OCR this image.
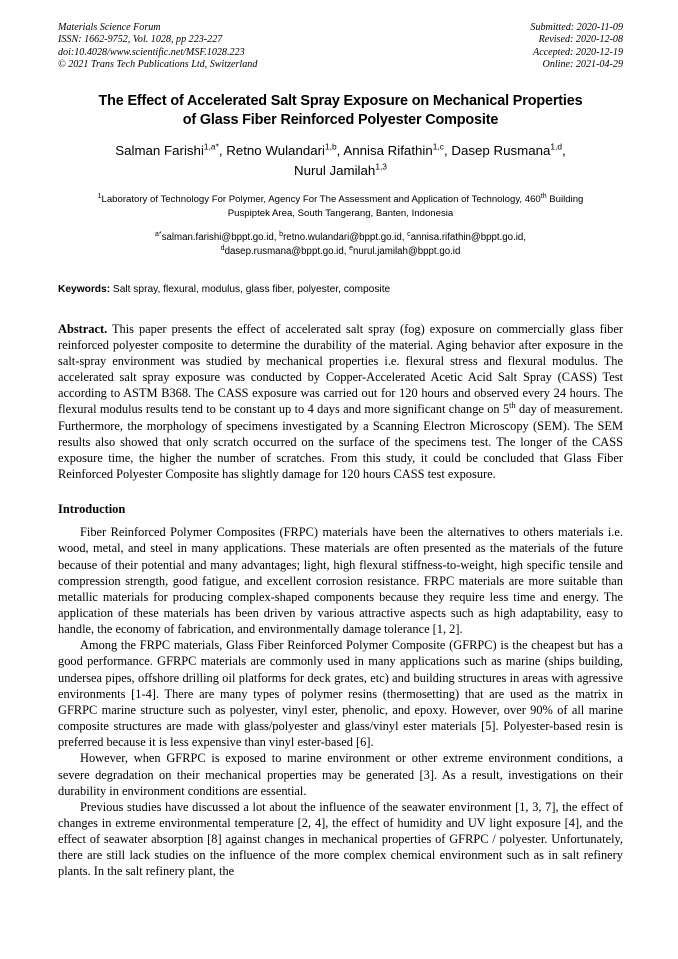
Materials Science Forum
ISSN: 1662-9752, Vol. 1028, pp 223-227
doi:10.4028/www.scientific.net/MSF.1028.223
© 2021 Trans Tech Publications Ltd, Switzerland
Submitted: 2020-11-09
Revised: 2020-12-08
Accepted: 2020-12-19
Online: 2021-04-29
The Effect of Accelerated Salt Spray Exposure on Mechanical Properties
of Glass Fiber Reinforced Polyester Composite
Salman Farishi$^{1,a*}$, Retno Wulandari$^{1,b}$, Annisa Rifathin$^{1,c}$, Dasep Rusmana$^{1,d}$,
Nurul Jamilah$^{1,3}$
$^1$Laboratory of Technology For Polymer, Agency For The Assessment and Application of Technology, 460th Building Puspiptek Area, South Tangerang, Banten, Indonesia
$^{a*}$salman.farishi@bppt.go.id, $^b$retno.wulandari@bppt.go.id, $^c$annisa.rifathin@bppt.go.id,
$^d$dasep.rusmana@bppt.go.id, $^e$nurul.jamilah@bppt.go.id
Keywords: Salt spray, flexural, modulus, glass fiber, polyester, composite
Abstract. This paper presents the effect of accelerated salt spray (fog) exposure on commercially glass fiber reinforced polyester composite to determine the durability of the material. Aging behavior after exposure in the salt-spray environment was studied by mechanical properties i.e. flexural stress and flexural modulus. The accelerated salt spray exposure was conducted by Copper-Accelerated Acetic Acid Salt Spray (CASS) Test according to ASTM B368. The CASS exposure was carried out for 120 hours and observed every 24 hours. The flexural modulus results tend to be constant up to 4 days and more significant change on 5th day of measurement. Furthermore, the morphology of specimens investigated by a Scanning Electron Microscopy (SEM). The SEM results also showed that only scratch occurred on the surface of the specimens test. The longer of the CASS exposure time, the higher the number of scratches. From this study, it could be concluded that Glass Fiber Reinforced Polyester Composite has slightly damage for 120 hours CASS test exposure.
Introduction

Fiber Reinforced Polymer Composites (FRPC) materials have been the alternatives to others materials i.e. wood, metal, and steel in many applications. These materials are often presented as the materials of the future because of their potential and many advantages; light, high flexural stiffness-to-weight, high specific tensile and compression strength, good fatigue, and excellent corrosion resistance. FRPC materials are more suitable than metallic materials for producing complex-shaped components because they require less time and energy. The application of these materials has been driven by various attractive aspects such as high adaptability, easy to handle, the economy of fabrication, and environmentally damage tolerance [1, 2].

Among the FRPC materials, Glass Fiber Reinforced Polymer Composite (GFRPC) is the cheapest but has a good performance. GFRPC materials are commonly used in many applications such as marine (ships building, undersea pipes, offshore drilling oil platforms for deck grates, etc) and building structures in areas with agressive environments [1-4]. There are many types of polymer resins (thermosetting) that are used as the matrix in GFRPC marine structure such as polyester, vinyl ester, phenolic, and epoxy. However, over 90% of all marine composite structures are made with glass/polyester and glass/vinyl ester materials [5]. Polyester-based resin is preferred because it is less expensive than vinyl ester-based [6].

However, when GFRPC is exposed to marine environment or other extreme environment conditions, a severe degradation on their mechanical properties may be generated [3]. As a result, investigations on their durability in environment conditions are essential.

Previous studies have discussed a lot about the influence of the seawater environment [1, 3, 7], the effect of changes in extreme environmental temperature [2, 4], the effect of humidity and UV light exposure [4], and the effect of seawater absorption [8] against changes in mechanical properties of GFRPC / polyester. Unfortunately, there are still lack studies on the influence of the more complex chemical environment such as in salt refinery plants. In the salt refinery plant, the
